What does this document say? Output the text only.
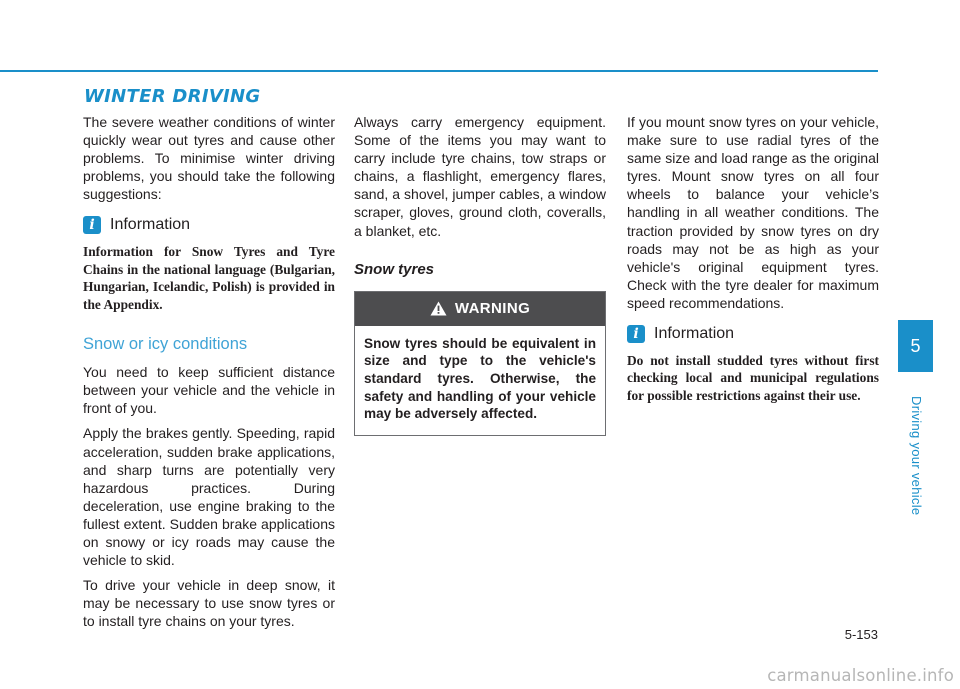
WINTER DRIVING

The severe weather conditions of winter quickly wear out tyres and cause other problems. To minimise winter driving problems, you should take the following suggestions:

i Information

Information for Snow Tyres and Tyre Chains in the national language (Bulgarian, Hungarian, Icelandic, Polish) is provided in the Appendix.

Snow or icy conditions

You need to keep sufficient distance between your vehicle and the vehicle in front of you.

Apply the brakes gently. Speeding, rapid acceleration, sudden brake applications, and sharp turns are potentially very hazardous practices. During deceleration, use engine braking to the fullest extent. Sudden brake applications on snowy or icy roads may cause the vehicle to skid.

To drive your vehicle in deep snow, it may be necessary to use snow tyres or to install tyre chains on your tyres.

Always carry emergency equipment. Some of the items you may want to carry include tyre chains, tow straps or chains, a flashlight, emergency flares, sand, a shovel, jumper cables, a window scraper, gloves, ground cloth, coveralls, a blanket, etc.

Snow tyres
WARNING
Snow tyres should be equivalent in size and type to the vehicle's standard tyres. Otherwise, the safety and handling of your vehicle may be adversely affected.

If you mount snow tyres on your vehicle, make sure to use radial tyres of the same size and load range as the original tyres. Mount snow tyres on all four wheels to balance your vehicle’s handling in all weather conditions. The traction provided by snow tyres on dry roads may not be as high as your vehicle's original equipment tyres. Check with the tyre dealer for maximum speed recommendations.

i Information

Do not install studded tyres without first checking local and municipal regulations for possible restrictions against their use.

5
Driving your vehicle
5-153
carmanualsonline.info
